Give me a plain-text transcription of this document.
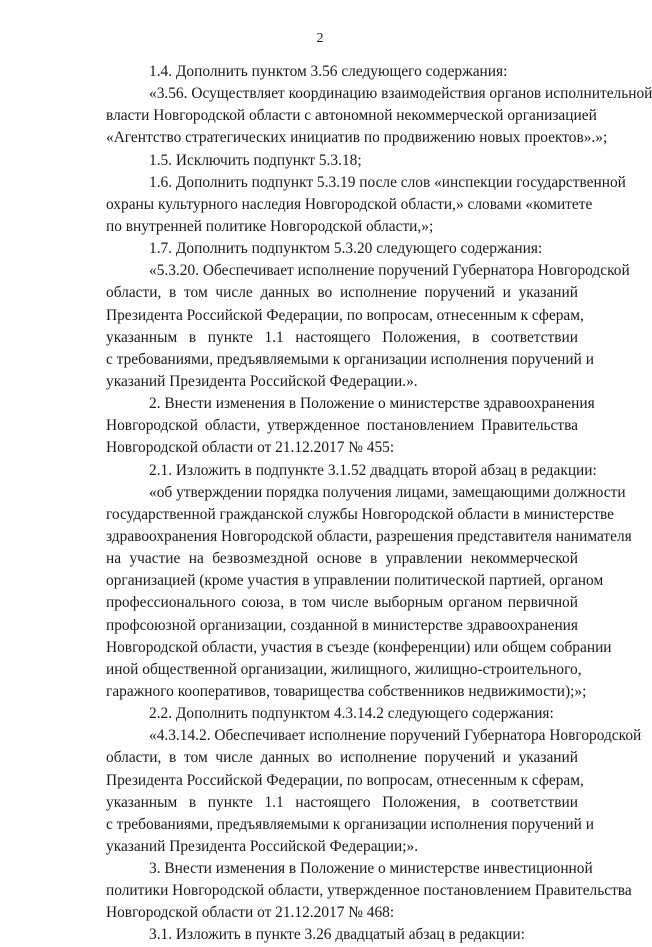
2
1.4. Дополнить пунктом 3.56 следующего содержания:
«3.56. Осуществляет координацию взаимодействия органов исполнительной
власти Новгородской области с автономной некоммерческой организацией
«Агентство стратегических инициатив по продвижению новых проектов».»;
1.5. Исключить подпункт 5.3.18;
1.6. Дополнить подпункт 5.3.19 после слов «инспекции государственной
охраны культурного наследия Новгородской области,» словами «комитете
по внутренней политике Новгородской области,»;
1.7. Дополнить подпунктом 5.3.20 следующего содержания:
«5.3.20. Обеспечивает исполнение поручений Губернатора Новгородской
области, в том числе данных во исполнение поручений и указаний
Президента Российской Федерации, по вопросам, отнесенным к сферам,
указанным в пункте 1.1 настоящего Положения, в соответствии
с требованиями, предъявляемыми к организации исполнения поручений и
указаний Президента Российской Федерации.».
2. Внести изменения в Положение о министерстве здравоохранения
Новгородской области, утвержденное постановлением Правительства
Новгородской области от 21.12.2017 № 455:
2.1. Изложить в подпункте 3.1.52 двадцать второй абзац в редакции:
«об утверждении порядка получения лицами, замещающими должности
государственной гражданской службы Новгородской области в министерстве
здравоохранения Новгородской области, разрешения представителя нанимателя
на участие на безвозмездной основе в управлении некоммерческой
организацией (кроме участия в управлении политической партией, органом
профессионального союза, в том числе выборным органом первичной
профсоюзной организации, созданной в министерстве здравоохранения
Новгородской области, участия в съезде (конференции) или общем собрании
иной общественной организации, жилищного, жилищно-строительного,
гаражного кооперативов, товарищества собственников недвижимости);»;
2.2. Дополнить подпунктом 4.3.14.2 следующего содержания:
«4.3.14.2. Обеспечивает исполнение поручений Губернатора Новгородской
области, в том числе данных во исполнение поручений и указаний
Президента Российской Федерации, по вопросам, отнесенным к сферам,
указанным в пункте 1.1 настоящего Положения, в соответствии
с требованиями, предъявляемыми к организации исполнения поручений и
указаний Президента Российской Федерации;».
3. Внести изменения в Положение о министерстве инвестиционной
политики Новгородской области, утвержденное постановлением Правительства
Новгородской области от 21.12.2017 № 468:
3.1. Изложить в пункте 3.26 двадцатый абзац в редакции:
